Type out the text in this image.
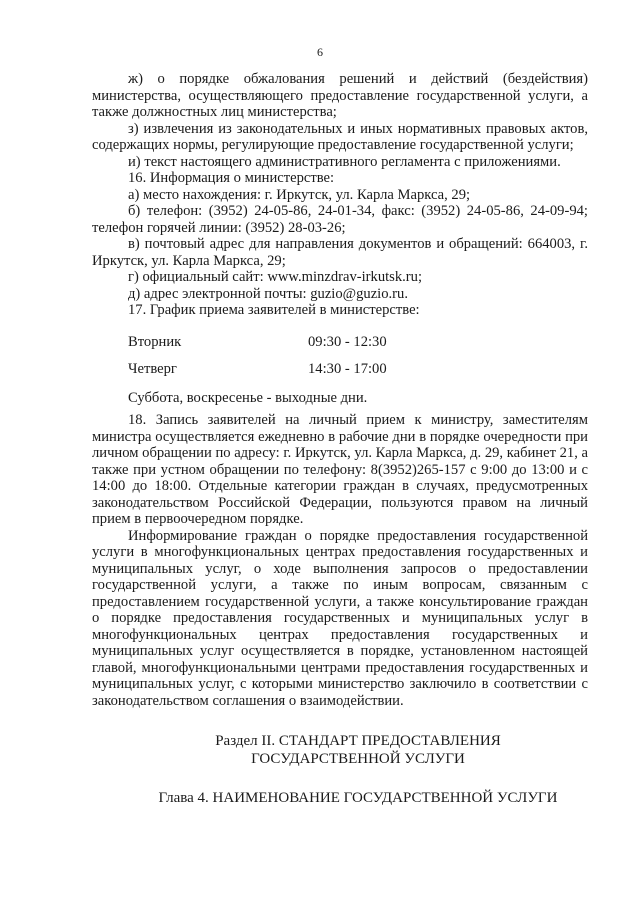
6

ж) о порядке обжалования решений и действий (бездействия) министерства, осуществляющего предоставление государственной услуги, а также должностных лиц министерства;

з) извлечения из законодательных и иных нормативных правовых актов, содержащих нормы, регулирующие предоставление государственной услуги;

и) текст настоящего административного регламента с приложениями.

16. Информация о министерстве:

а) место нахождения: г. Иркутск, ул. Карла Маркса, 29;

б) телефон: (3952) 24-05-86, 24-01-34, факс: (3952) 24-05-86, 24-09-94; телефон горячей линии: (3952) 28-03-26;

в) почтовый адрес для направления документов и обращений: 664003, г. Иркутск, ул. Карла Маркса, 29;

г) официальный сайт: www.minzdrav-irkutsk.ru;

д) адрес электронной почты: guzio@guzio.ru.

17. График приема заявителей в министерстве:

Вторник	09:30 - 12:30
Четверг	14:30 - 17:00

Суббота, воскресенье - выходные дни.

18. Запись заявителей на личный прием к министру, заместителям министра осуществляется ежедневно в рабочие дни в порядке очередности при личном обращении по адресу: г. Иркутск, ул. Карла Маркса, д. 29, кабинет 21, а также при устном обращении по телефону: 8(3952)265-157 с 9:00 до 13:00 и с 14:00 до 18:00. Отдельные категории граждан в случаях, предусмотренных законодательством Российской Федерации, пользуются правом на личный прием в первоочередном порядке.

Информирование граждан о порядке предоставления государственной услуги в многофункциональных центрах предоставления государственных и муниципальных услуг, о ходе выполнения запросов о предоставлении государственной услуги, а также по иным вопросам, связанным с предоставлением государственной услуги, а также консультирование граждан о порядке предоставления государственных и муниципальных услуг в многофункциональных центрах предоставления государственных и муниципальных услуг осуществляется в порядке, установленном настоящей главой, многофункциональными центрами предоставления государственных и муниципальных услуг, с которыми министерство заключило в соответствии с законодательством соглашения о взаимодействии.

Раздел II. СТАНДАРТ ПРЕДОСТАВЛЕНИЯ
ГОСУДАРСТВЕННОЙ УСЛУГИ

Глава 4. НАИМЕНОВАНИЕ ГОСУДАРСТВЕННОЙ УСЛУГИ
